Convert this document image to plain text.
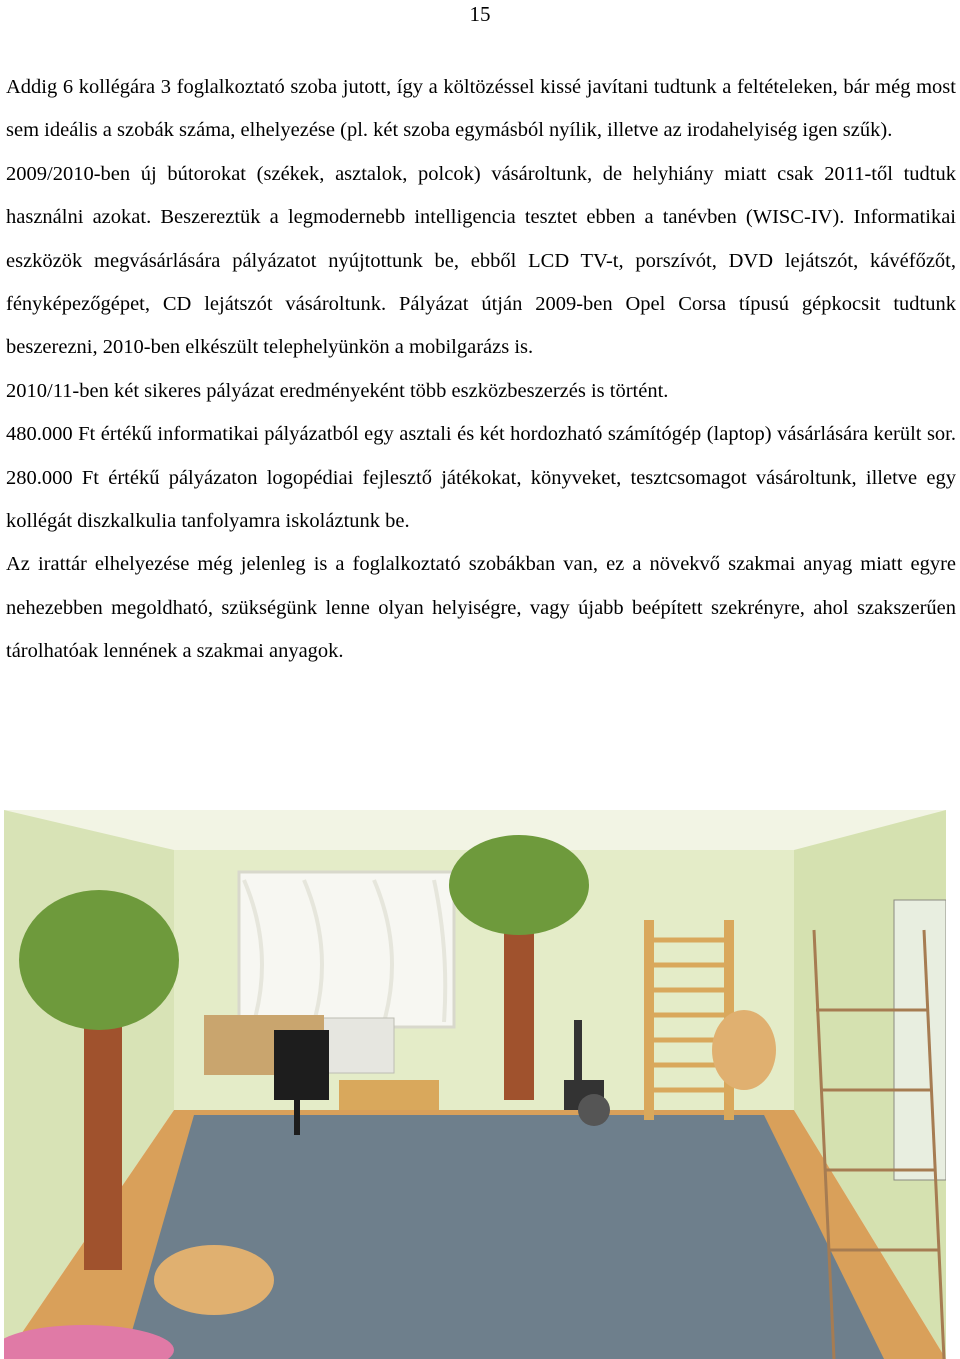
15

Addig 6 kollégára 3 foglalkoztató szoba jutott, így a költözéssel kissé javítani tudtunk a feltételeken, bár még most sem ideális a szobák száma, elhelyezése (pl. két szoba egymásból nyílik, illetve az irodahelyiség igen szűk).

2009/2010-ben új bútorokat (székek, asztalok, polcok) vásároltunk, de helyhiány miatt csak 2011-től tudtuk használni azokat. Beszereztük a legmodernebb intelligencia tesztet ebben a tanévben (WISC-IV). Informatikai eszközök megvásárlására pályázatot nyújtottunk be, ebből LCD TV-t, porszívót, DVD lejátszót, kávéfőzőt, fényképezőgépet, CD lejátszót vásároltunk. Pályázat útján 2009-ben Opel Corsa típusú gépkocsit tudtunk beszerezni, 2010-ben elkészült telephelyünkön a mobilgarázs is.

2010/11-ben két sikeres pályázat eredményeként több eszközbeszerzés is történt.

480.000 Ft értékű informatikai pályázatból egy asztali és két hordozható számítógép (laptop) vásárlására került sor. 280.000 Ft értékű pályázaton logopédiai fejlesztő játékokat, könyveket, tesztcsomagot vásároltunk, illetve egy kollégát diszkalkulia tanfolyamra iskoláztunk be.

Az irattár elhelyezése még jelenleg is a foglalkoztató szobákban van, ez a növekvő szakmai anyag miatt egyre nehezebben megoldható, szükségünk lenne olyan helyiségre, vagy újabb beépített szekrényre, ahol szakszerűen tárolhatóak lennének a szakmai anyagok.
